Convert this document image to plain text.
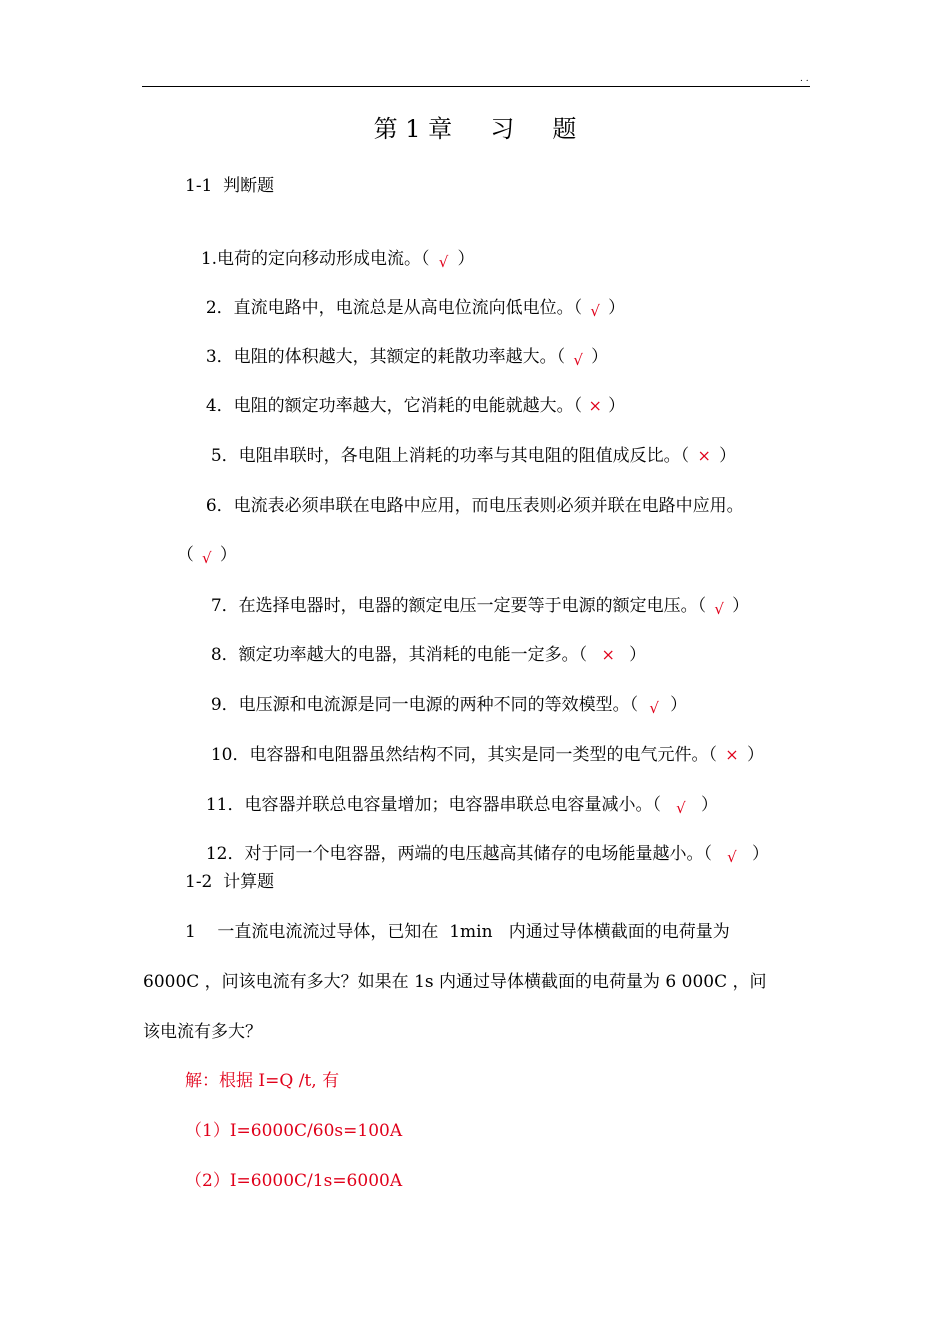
. .
第 1 章     习     题
1-1  判断题

1.电荷的定向移动形成电流。（ √ ）

2．直流电路中，电流总是从高电位流向低电位。（ √ ）

3．电阻的体积越大，其额定的耗散功率越大。（ √ ）

4．电阻的额定功率越大，它消耗的电能就越大。（ × ）

5．电阻串联时，各电阻上消耗的功率与其电阻的阻值成反比。（ × ）

6．电流表必须串联在电路中应用，而电压表则必须并联在电路中应用。

（ √ ）

7．在选择电器时，电器的额定电压一定要等于电源的额定电压。（ √ ）

8．额定功率越大的电器，其消耗的电能一定多。（ × ）

9．电压源和电流源是同一电源的两种不同的等效模型。（ √ ）

10．电容器和电阻器虽然结构不同，其实是同一类型的电气元件。（ × ）

11．电容器并联总电容量增加；电容器串联总电容量减小。（ √ ）

12．对于同一个电容器，两端的电压越高其储存的电场能量越小。（ √ ）

1-2  计算题
1    一直流电流流过导体，已知在  1min   内通过导体横截面的电荷量为
6000C ，问该电流有多大？如果在 1s 内通过导体横截面的电荷量为 6 000C ，问
该电流有多大？
解：根据 I=Q /t, 有
（1）I=6000C/60s=100A
（2）I=6000C/1s=6000A
